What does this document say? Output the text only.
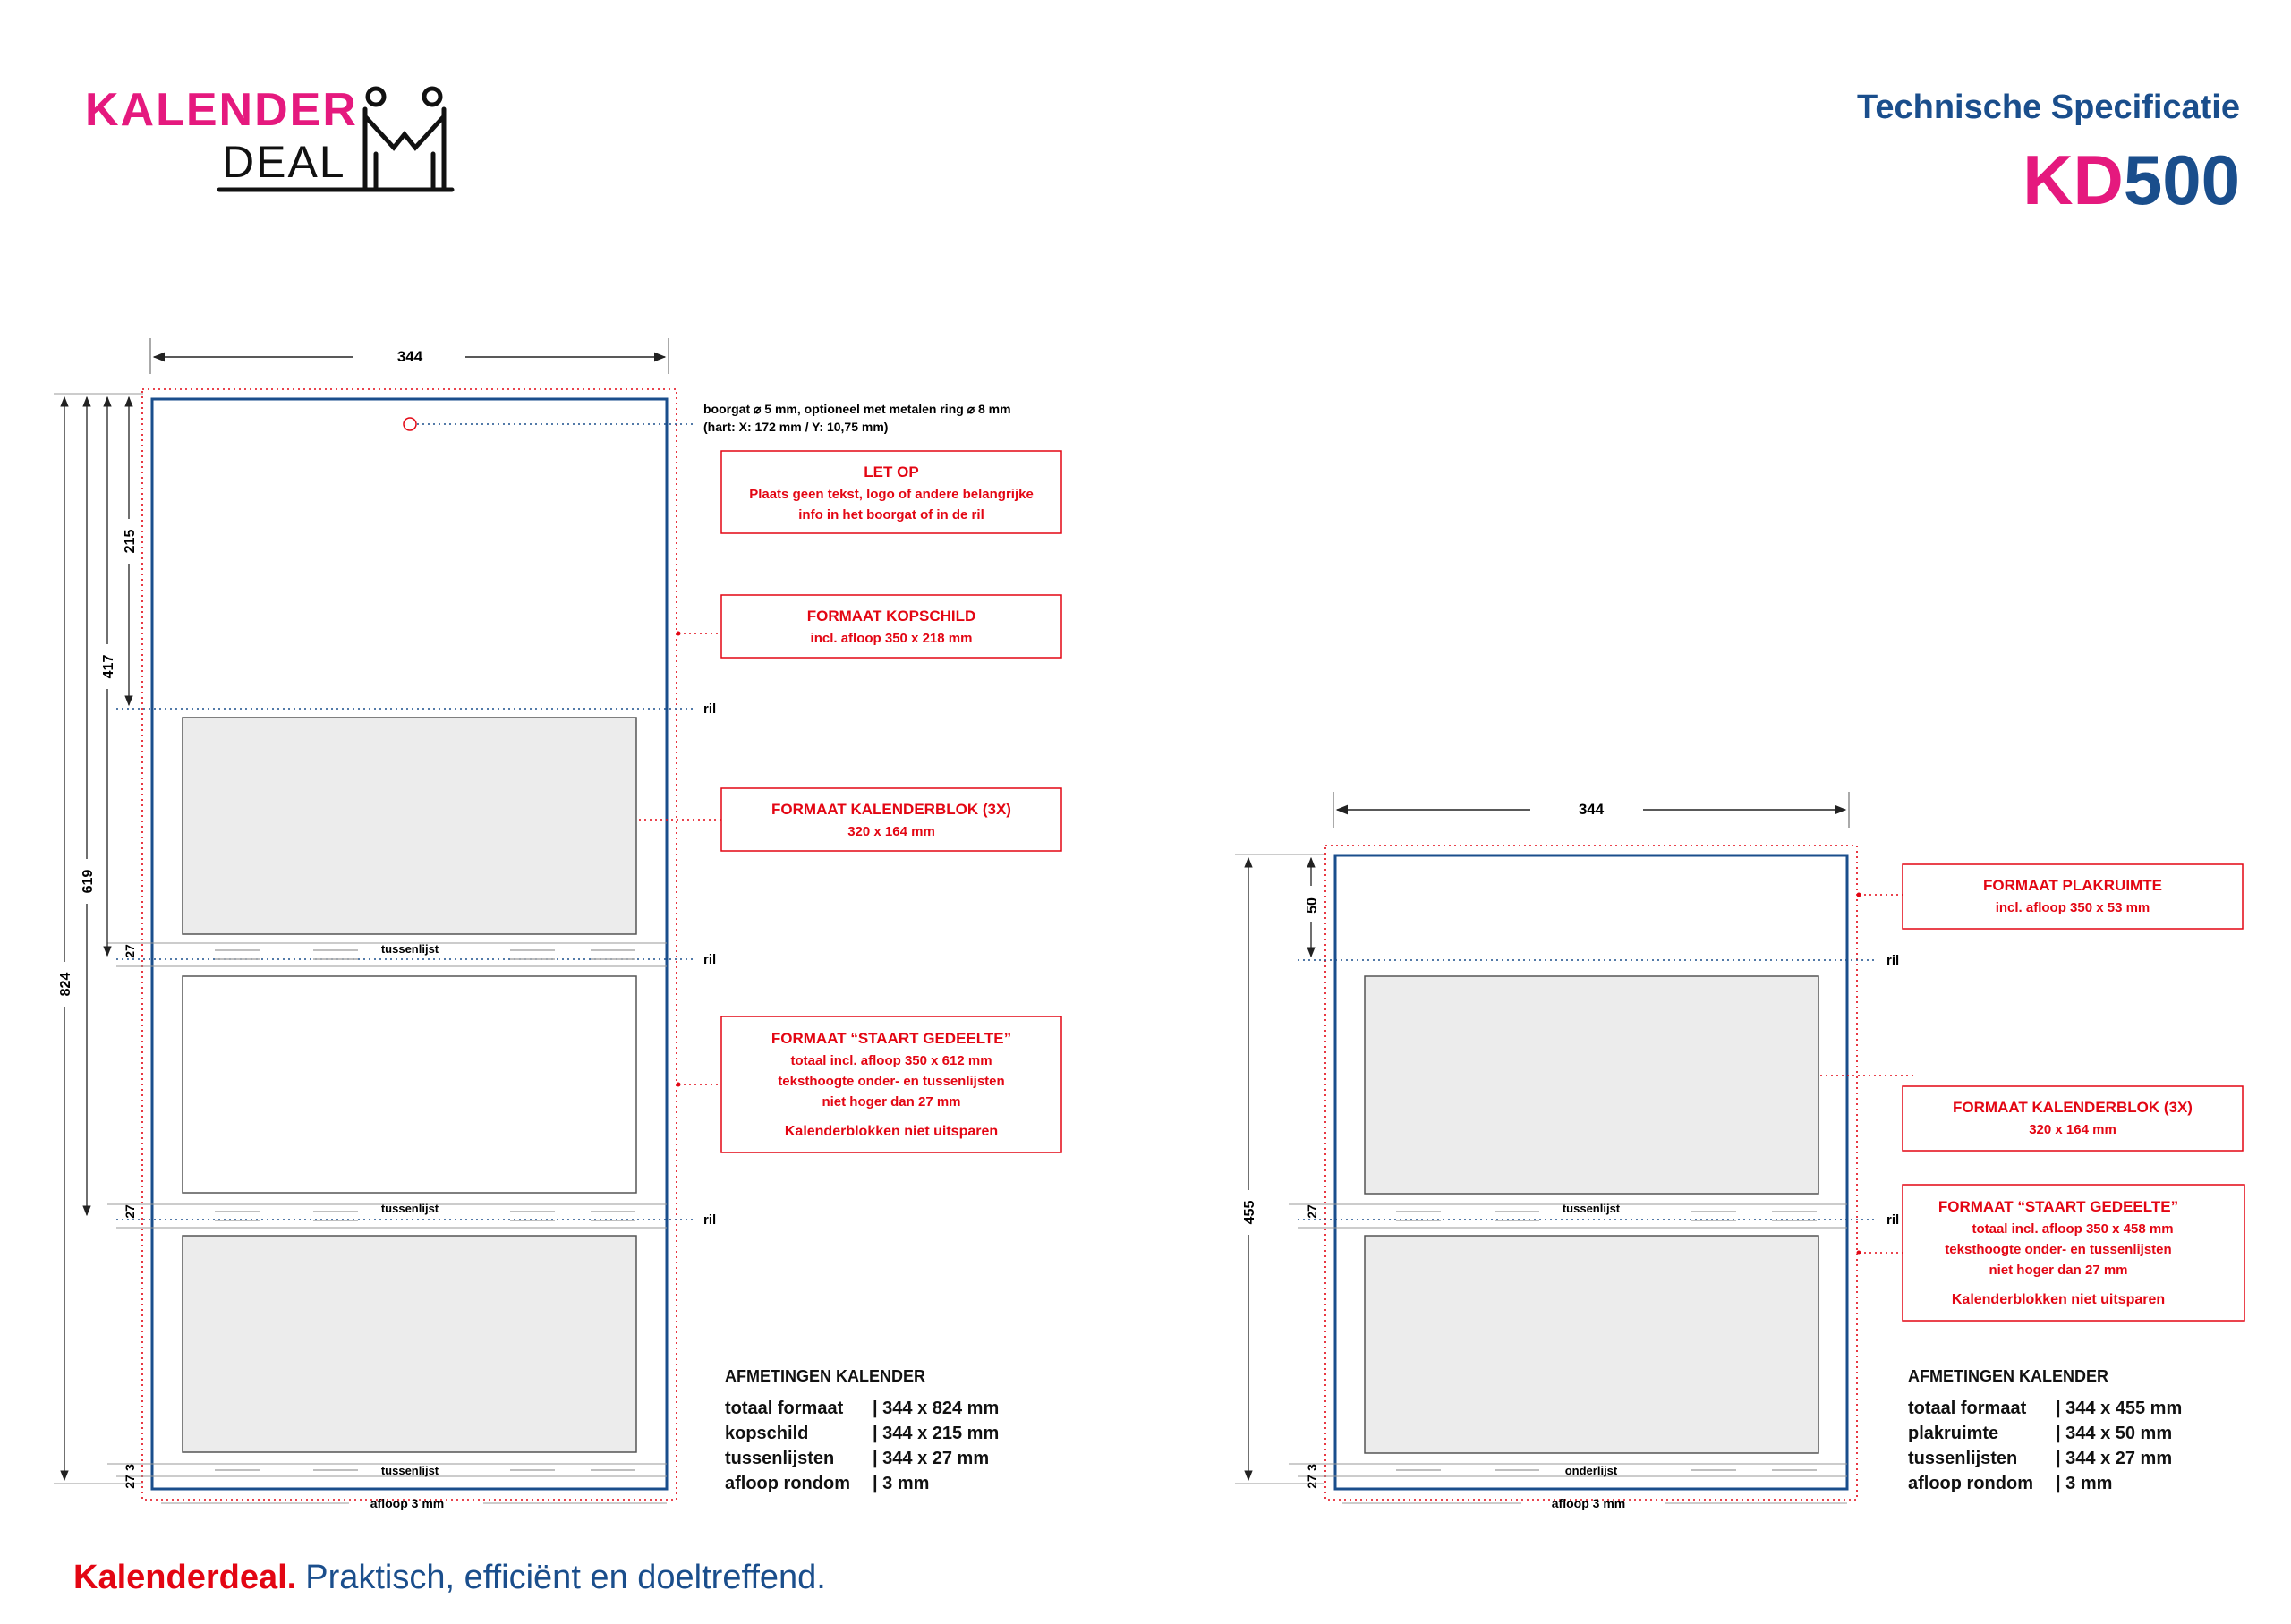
KALENDER
DEAL
Technische Specificatie
KD500
344
boorgat ⌀ 5 mm, optioneel met metalen ring ⌀ 8 mm
(hart: X: 172 mm / Y: 10,75 mm)
ril
ril
ril
tussenlijst
tussenlijst
tussenlijst
afloop 3 mm
824
619
417
215
27
27
3
27
LET OP
Plaats geen tekst, logo of andere belangrijke
info in het boorgat of in de ril
FORMAAT KOPSCHILD
incl. afloop 350 x 218 mm
FORMAAT KALENDERBLOK (3X)
320 x 164 mm
FORMAAT “STAART GEDEELTE”
totaal incl. afloop 350 x 612 mm
teksthoogte onder- en tussenlijsten
niet hoger dan 27 mm
Kalenderblokken niet uitsparen
AFMETINGEN KALENDER
totaal formaat | 344 x 824 mm
kopschild	| 344 x 215 mm
tussenlijsten | 344 x 27 mm
afloop rondom | 3 mm
344
ril
ril
tussenlijst
onderlijst
afloop 3 mm
455
50
27
3
27
FORMAAT PLAKRUIMTE
incl. afloop 350 x 53 mm
FORMAAT KALENDERBLOK (3X)
320 x 164 mm
FORMAAT “STAART GEDEELTE”
totaal incl. afloop 350 x 458 mm
teksthoogte onder- en tussenlijsten
niet hoger dan 27 mm
Kalenderblokken niet uitsparen
AFMETINGEN KALENDER
totaal formaat | 344 x 455 mm
plakruimte	| 344 x 50 mm
tussenlijsten | 344 x 27 mm
afloop rondom | 3 mm
Kalenderdeal. Praktisch, efficiënt en doeltreffend.
